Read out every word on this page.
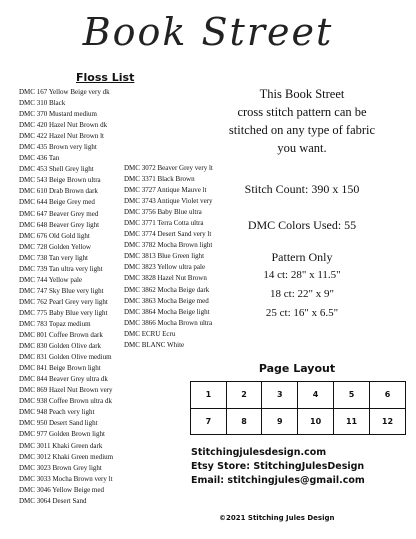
Book Street
Floss List
DMC 167 Yellow Beige very dk
DMC 310 Black
DMC 370 Mustard medium
DMC 420 Hazel Nut Brown dk
DMC 422 Hazel Nut Brown lt
DMC 435 Brown very light
DMC 436 Tan
DMC 453 Shell Grey light
DMC 543 Beige Brown ultra
DMC 610 Drab Brown dark
DMC 644 Beige Grey med
DMC 647 Beaver Grey med
DMC 648 Beaver Grey light
DMC 676 Old Gold light
DMC 728 Golden Yellow
DMC 738 Tan very light
DMC 739 Tan ultra very light
DMC 744 Yellow pale
DMC 747 Sky Blue very light
DMC 762 Pearl Grey very light
DMC 775 Baby Blue very light
DMC 783 Topaz medium
DMC 801 Coffee Brown dark
DMC 830 Golden Olive dark
DMC 831 Golden Olive medium
DMC 841 Beige Brown light
DMC 844 Beaver Grey ultra dk
DMC 869 Hazel Nut Brown very
DMC 938 Coffee Brown ultra dk
DMC 948 Peach very light
DMC 950 Desert Sand light
DMC 977 Golden Brown light
DMC 3011 Khaki Green dark
DMC 3012 Khaki Green medium
DMC 3023 Brown Grey light
DMC 3033 Mocha Brown very lt
DMC 3046 Yellow Beige med
DMC 3064 Desert Sand
DMC 3072 Beaver Grey very lt
DMC 3371 Black Brown
DMC 3727 Antique Mauve lt
DMC 3743 Antique Violet very
DMC 3756 Baby Blue ultra
DMC 3771 Terra Cotta ultra
DMC 3774 Desert Sand very lt
DMC 3782 Mocha Brown light
DMC 3813 Blue Green light
DMC 3823 Yellow ultra pale
DMC 3828 Hazel Nut Brown
DMC 3862 Mocha Beige dark
DMC 3863 Mocha Beige med
DMC 3864 Mocha Beige light
DMC 3866 Mocha Brown ultra
DMC ECRU Ecru
DMC BLANC White
This Book Street
cross stitch pattern can be
stitched on any type of fabric
you want.
Stitch Count: 390 x 150
DMC Colors Used: 55
Pattern Only
14 ct: 28" x 11.5"
18 ct: 22" x 9"
25 ct: 16" x 6.5"
Page Layout
1	2	3	4	5	6
7	8	9	10	11	12
Stitchingjulesdesign.com
Etsy Store: StitchingJulesDesign
Email: stitchingjules@gmail.com
©2021 Stitching Jules Design
